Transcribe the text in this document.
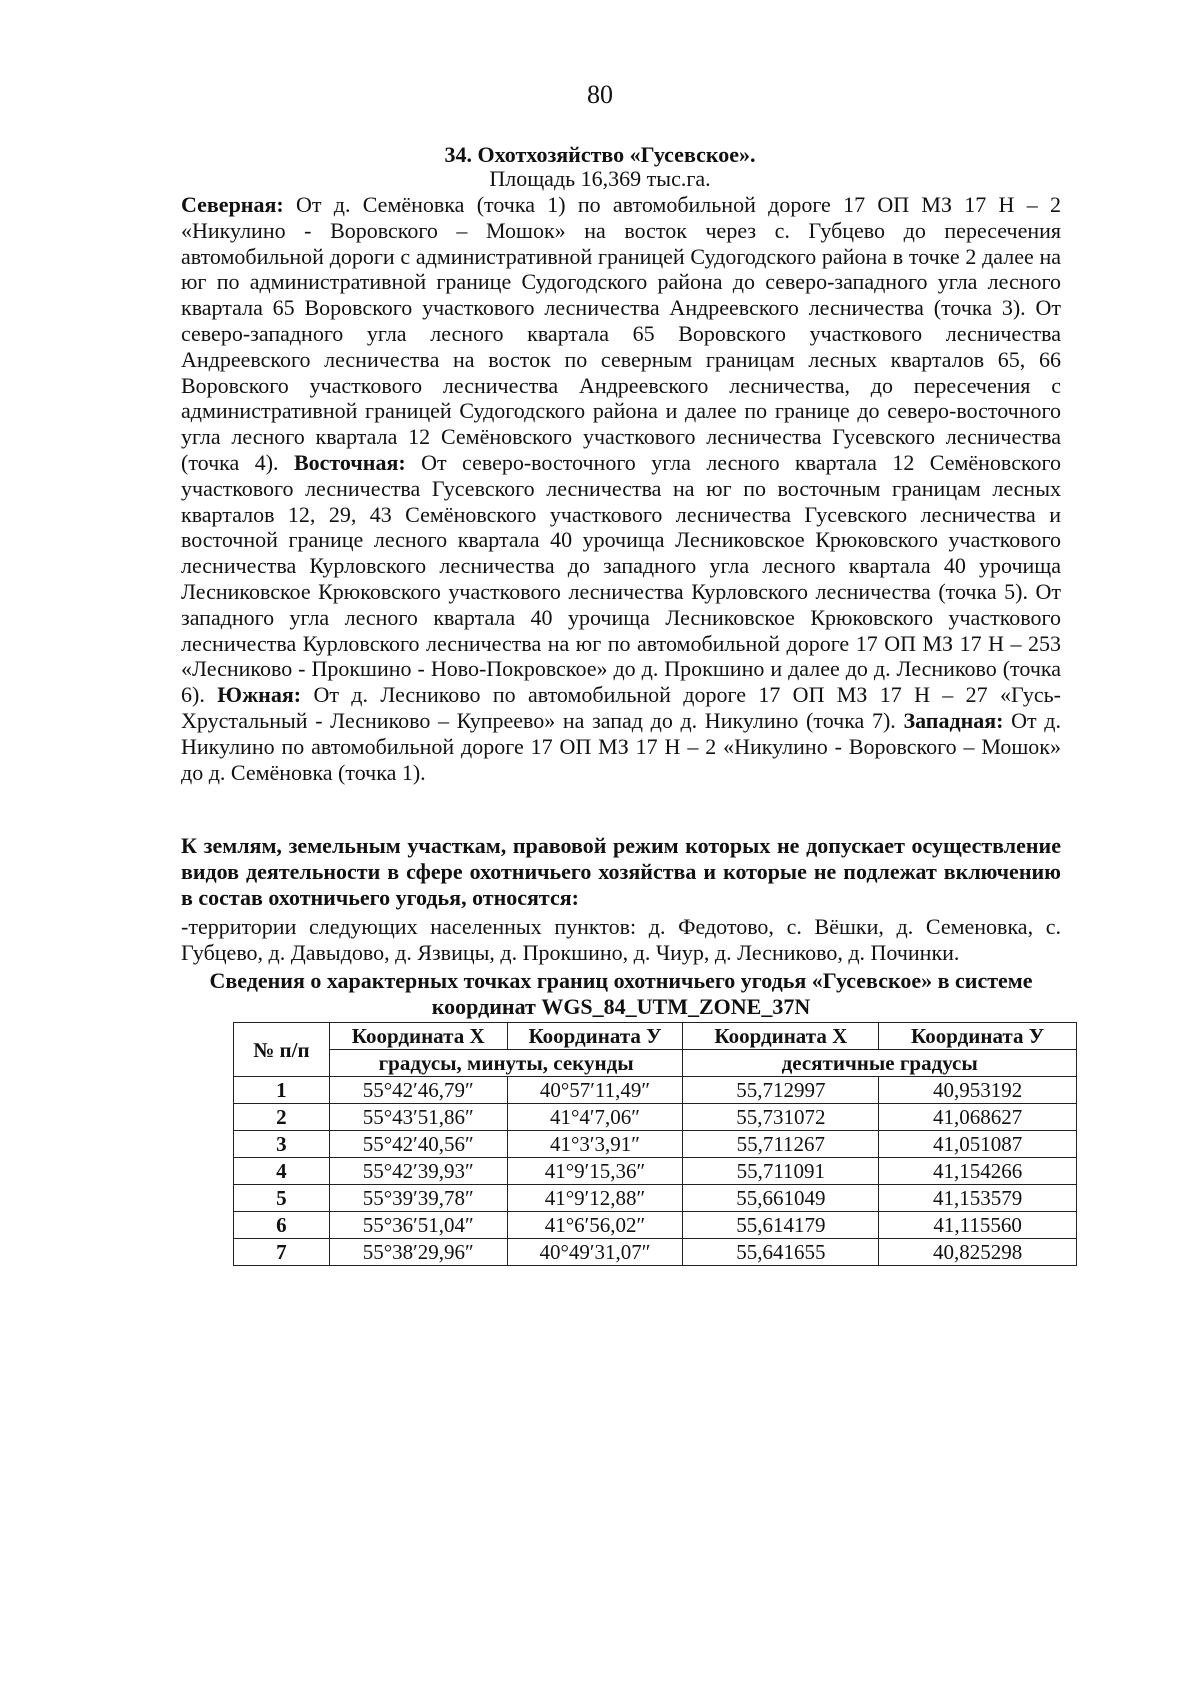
80
34. Охотхозяйство «Гусевское».
Площадь 16,369 тыс.га.
Северная: От д. Семёновка (точка 1) по автомобильной дороге 17 ОП МЗ 17 Н – 2 «Никулино - Воровского – Мошок» на восток через с. Губцево до пересечения автомобильной дороги с административной границей Судогодского района в точке 2 далее на юг по административной границе Судогодского района до северо-западного угла лесного квартала 65 Воровского участкового лесничества Андреевского лесничества (точка 3). От северо-западного угла лесного квартала 65 Воровского участкового лесничества Андреевского лесничества на восток по северным границам лесных кварталов 65, 66 Воровского участкового лесничества Андреевского лесничества, до пересечения с административной границей Судогодского района и далее по границе до северо-восточного угла лесного квартала 12 Семёновского участкового лесничества Гусевского лесничества (точка 4). Восточная: От северо-восточного угла лесного квартала 12 Семёновского участкового лесничества Гусевского лесничества на юг по восточным границам лесных кварталов 12, 29, 43 Семёновского участкового лесничества Гусевского лесничества и восточной границе лесного квартала 40 урочища Лесниковское Крюковского участкового лесничества Курловского лесничества до западного угла лесного квартала 40 урочища Лесниковское Крюковского участкового лесничества Курловского лесничества (точка 5). От западного угла лесного квартала 40 урочища Лесниковское Крюковского участкового лесничества Курловского лесничества на юг по автомобильной дороге 17 ОП МЗ 17 Н – 253 «Лесниково - Прокшино - Ново-Покровское» до д. Прокшино и далее до д. Лесниково (точка 6). Южная: От д. Лесниково по автомобильной дороге 17 ОП МЗ 17 Н – 27 «Гусь-Хрустальный - Лесниково – Купреево» на запад до д. Никулино (точка 7). Западная: От д. Никулино по автомобильной дороге 17 ОП МЗ 17 Н – 2 «Никулино - Воровского – Мошок» до д. Семёновка (точка 1).
К землям, земельным участкам, правовой режим которых не допускает осуществление видов деятельности в сфере охотничьего хозяйства и которые не подлежат включению в состав охотничьего угодья, относятся:
-территории следующих населенных пунктов: д. Федотово, с. Вёшки, д. Семеновка, с. Губцево, д. Давыдово, д. Язвицы, д. Прокшино, д. Чиур, д. Лесниково, д. Починки.
Сведения о характерных точках границ охотничьего угодья «Гусевское» в системе координат WGS_84_UTM_ZONE_37N
№ п/п	Координата Х	Координата У	Координата Х	Координата У
	градусы, минуты, секунды		десятичные градусы	
1	55°42′46,79″	40°57′11,49″	55,712997	40,953192
2	55°43′51,86″	41°4′7,06″	55,731072	41,068627
3	55°42′40,56″	41°3′3,91″	55,711267	41,051087
4	55°42′39,93″	41°9′15,36″	55,711091	41,154266
5	55°39′39,78″	41°9′12,88″	55,661049	41,153579
6	55°36′51,04″	41°6′56,02″	55,614179	41,115560
7	55°38′29,96″	40°49′31,07″	55,641655	40,825298
